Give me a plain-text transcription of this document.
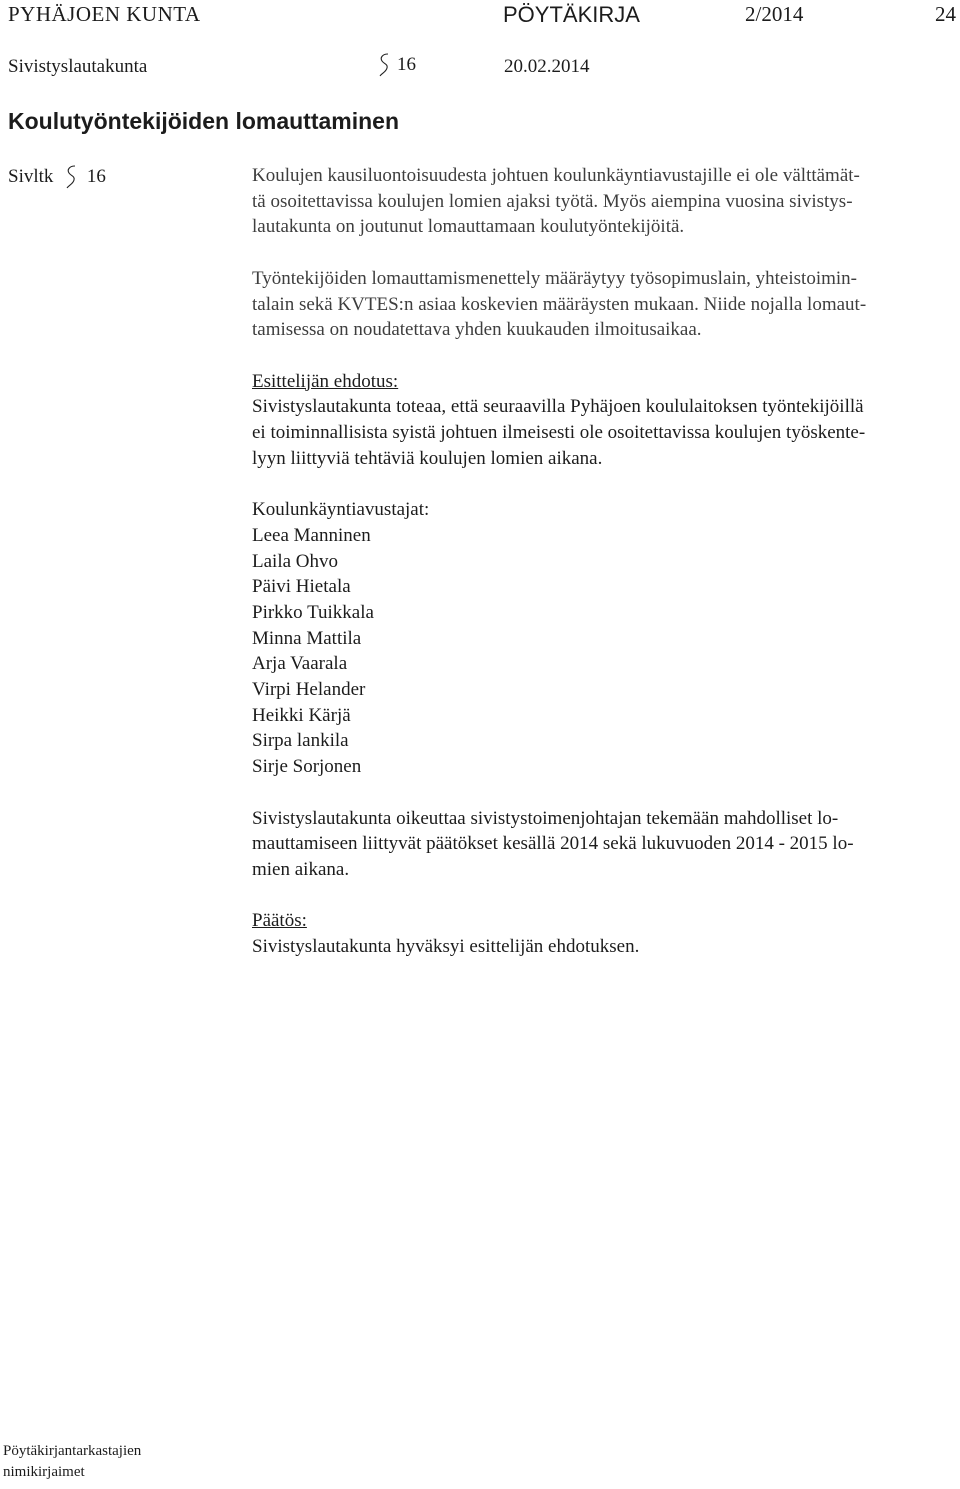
PYHÄJOEN KUNTA	PÖYTÄKIRJA	2/2014	24
Sivistyslautakunta	16	20.02.2014
Koulutyöntekijöiden lomauttaminen
Sivltk 16	Koulujen kausiluontoisuudesta johtuen koulunkäyntiavustajille ei ole välttämät-
tä osoitettavissa koulujen lomien ajaksi työtä. Myös aiempina vuosina sivistys-
lautakunta on joutunut lomauttamaan koulutyöntekijöitä.

Työntekijöiden lomauttamismenettely määräytyy työsopimuslain, yhteistoimin-
talain sekä KVTES:n asiaa koskevien määräysten mukaan. Niide nojalla lomaut-
tamisessa on noudatettava yhden kuukauden ilmoitusaikaa.

Esittelijän ehdotus:
Sivistyslautakunta toteaa, että seuraavilla Pyhäjoen koululaitoksen työntekijöillä
ei toiminnallisista syistä johtuen ilmeisesti ole osoitettavissa koulujen työskente-
lyyn liittyviä tehtäviä koulujen lomien aikana.

Koulunkäyntiavustajat:
Leea Manninen
Laila Ohvo
Päivi Hietala
Pirkko Tuikkala
Minna Mattila
Arja Vaarala
Virpi Helander
Heikki Kärjä
Sirpa lankila
Sirje Sorjonen

Sivistyslautakunta oikeuttaa sivistystoimenjohtajan tekemään mahdolliset lo-
mauttamiseen liittyvät päätökset kesällä 2014 sekä lukuvuoden 2014 - 2015 lo-
mien aikana.

Päätös:
Sivistyslautakunta hyväksyi esittelijän ehdotuksen.

Pöytäkirjantarkastajien
nimikirjaimet
